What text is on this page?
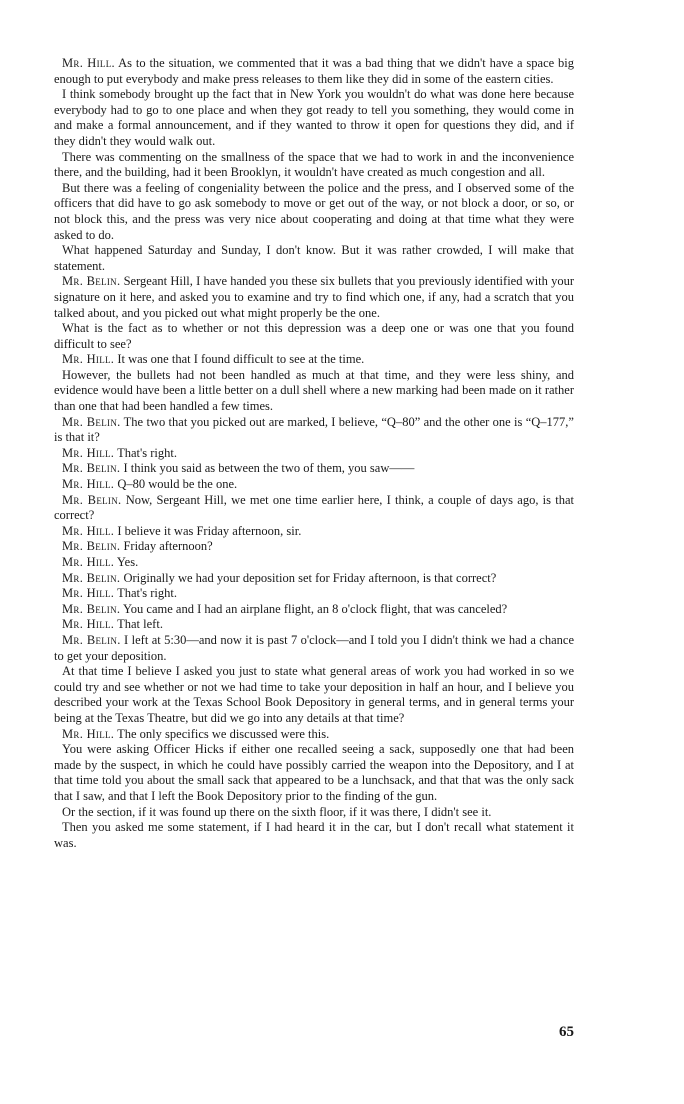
Mr. Hill. As to the situation, we commented that it was a bad thing that we didn't have a space big enough to put everybody and make press releases to them like they did in some of the eastern cities.

I think somebody brought up the fact that in New York you wouldn't do what was done here because everybody had to go to one place and when they got ready to tell you something, they would come in and make a formal announcement, and if they wanted to throw it open for questions they did, and if they didn't they would walk out.

There was commenting on the smallness of the space that we had to work in and the inconvenience there, and the building, had it been Brooklyn, it wouldn't have created as much congestion and all.

But there was a feeling of congeniality between the police and the press, and I observed some of the officers that did have to go ask somebody to move or get out of the way, or not block a door, or so, or not block this, and the press was very nice about cooperating and doing at that time what they were asked to do.

What happened Saturday and Sunday, I don't know. But it was rather crowded, I will make that statement.

Mr. Belin. Sergeant Hill, I have handed you these six bullets that you previously identified with your signature on it here, and asked you to examine and try to find which one, if any, had a scratch that you talked about, and you picked out what might properly be the one.

What is the fact as to whether or not this depression was a deep one or was one that you found difficult to see?

Mr. Hill. It was one that I found difficult to see at the time.

However, the bullets had not been handled as much at that time, and they were less shiny, and evidence would have been a little better on a dull shell where a new marking had been made on it rather than one that had been handled a few times.

Mr. Belin. The two that you picked out are marked, I believe, “Q–80” and the other one is “Q–177,” is that it?

Mr. Hill. That's right.

Mr. Belin. I think you said as between the two of them, you saw——

Mr. Hill. Q–80 would be the one.

Mr. Belin. Now, Sergeant Hill, we met one time earlier here, I think, a couple of days ago, is that correct?

Mr. Hill. I believe it was Friday afternoon, sir.

Mr. Belin. Friday afternoon?

Mr. Hill. Yes.

Mr. Belin. Originally we had your deposition set for Friday afternoon, is that correct?

Mr. Hill. That's right.

Mr. Belin. You came and I had an airplane flight, an 8 o'clock flight, that was canceled?

Mr. Hill. That left.

Mr. Belin. I left at 5:30—and now it is past 7 o'clock—and I told you I didn't think we had a chance to get your deposition.

At that time I believe I asked you just to state what general areas of work you had worked in so we could try and see whether or not we had time to take your deposition in half an hour, and I believe you described your work at the Texas School Book Depository in general terms, and in general terms your being at the Texas Theatre, but did we go into any details at that time?

Mr. Hill. The only specifics we discussed were this.

You were asking Officer Hicks if either one recalled seeing a sack, supposedly one that had been made by the suspect, in which he could have possibly carried the weapon into the Depository, and I at that time told you about the small sack that appeared to be a lunchsack, and that that was the only sack that I saw, and that I left the Book Depository prior to the finding of the gun.

Or the section, if it was found up there on the sixth floor, if it was there, I didn't see it.

Then you asked me some statement, if I had heard it in the car, but I don't recall what statement it was.

65
